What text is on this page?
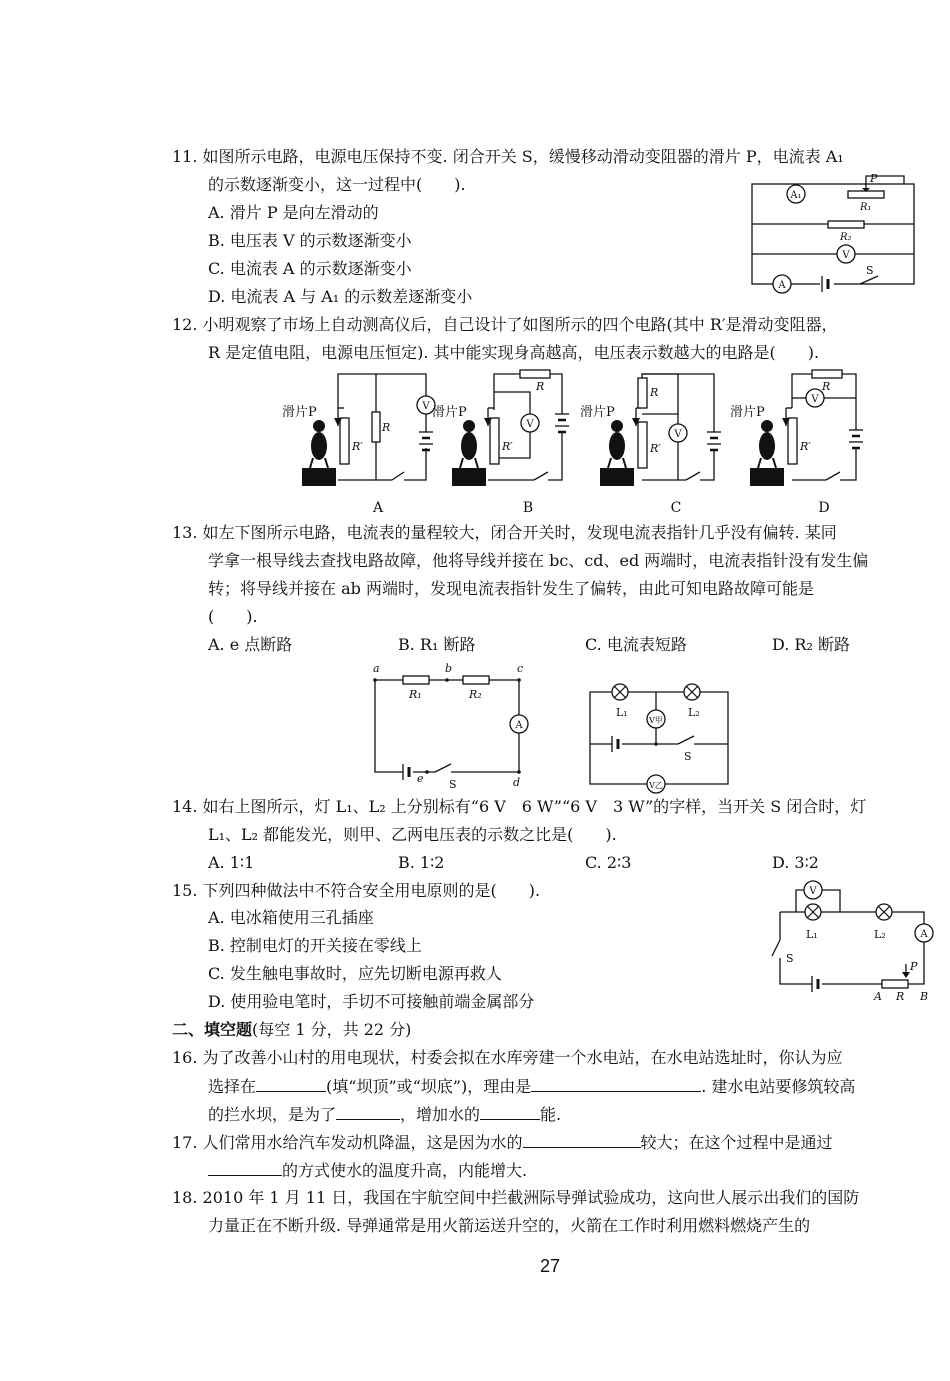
11. 如图所示电路，电源电压保持不变. 闭合开关 S，缓慢移动滑动变阻器的滑片 P，电流表 A₁
的示数逐渐变小，这一过程中(　　).
A. 滑片 P 是向左滑动的
B. 电压表 V 的示数逐渐变小
C. 电流表 A 的示数逐渐变小
D. 电流表 A 与 A₁ 的示数差逐渐变小
A₁
P
R₁
R₂
V
A
S
12. 小明观察了市场上自动测高仪后，自己设计了如图所示的四个电路(其中 R′是滑动变阻器，
R 是定值电阻，电源电压恒定). 其中能实现身高越高，电压表示数越大的电路是(　　).
滑片P
R
R′
V
A
滑片P
R
R′
V
B
滑片P
R
R′
V
C
滑片P
R
R′
V
D
13. 如左下图所示电路，电流表的量程较大，闭合开关时，发现电流表指针几乎没有偏转. 某同
学拿一根导线去查找电路故障，他将导线并接在 bc、cd、ed 两端时，电流表指针没有发生偏
转；将导线并接在 ab 两端时，发现电流表指针发生了偏转，由此可知电路故障可能是
(　　).
A. e 点断路	B. R₁ 断路	C. 电流表短路	D. R₂ 断路
a	b	c
d
e
R₁	R₂
A
S
L₁	L₂
V甲
V乙
S
14. 如右上图所示，灯 L₁、L₂ 上分别标有“6 V　6 W”“6 V　3 W”的字样，当开关 S 闭合时，灯
L₁、L₂ 都能发光，则甲、乙两电压表的示数之比是(　　).
A. 1∶1	B. 1∶2	C. 2∶3	D. 3∶2
15. 下列四种做法中不符合安全用电原则的是(　　).
A. 电冰箱使用三孔插座
B. 控制电灯的开关接在零线上
C. 发生触电事故时，应先切断电源再救人
D. 使用验电笔时，手切不可接触前端金属部分
V
L₁	L₂	A
S
P
A R B
二、填空题(每空 1 分，共 22 分)
16. 为了改善小山村的用电现状，村委会拟在水库旁建一个水电站，在水电站选址时，你认为应
选择在	(填“坝顶”或“坝底”)，理由是	. 建水电站要修筑较高
的拦水坝，是为了	，增加水的	能.
17. 人们常用水给汽车发动机降温，这是因为水的	较大；在这个过程中是通过
的方式使水的温度升高，内能增大.
18. 2010 年 1 月 11 日，我国在宇航空间中拦截洲际导弹试验成功，这向世人展示出我们的国防
力量正在不断升级. 导弹通常是用火箭运送升空的，火箭在工作时利用燃料燃烧产生的
27
